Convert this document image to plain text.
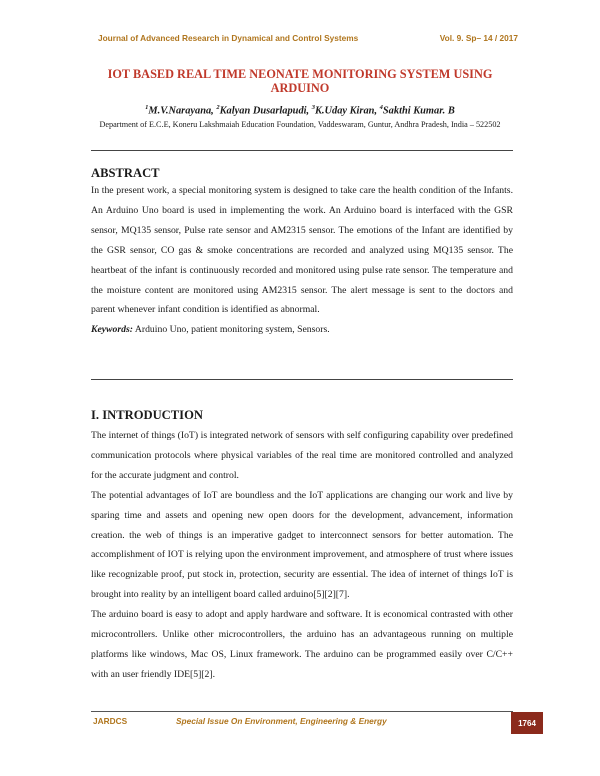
Journal of Advanced Research in Dynamical and Control Systems	Vol. 9. Sp– 14 / 2017
IOT BASED REAL TIME NEONATE MONITORING SYSTEM USING ARDUINO
$^1$M.V.Narayana, $^2$Kalyan Dusarlapudi, $^3$K.Uday Kiran, $^4$Sakthi Kumar. B
Department of E.C.E, Koneru Lakshmaiah Education Foundation, Vaddeswaram, Guntur, Andhra Pradesh, India – 522502
ABSTRACT

In the present work, a special monitoring system is designed to take care the health condition of the Infants. An Arduino Uno board is used in implementing the work. An Arduino board is interfaced with the GSR sensor, MQ135 sensor, Pulse rate sensor and AM2315 sensor. The emotions of the Infant are identified by the GSR sensor, CO gas & smoke concentrations are recorded and analyzed using MQ135 sensor. The heartbeat of the infant is continuously recorded and monitored using pulse rate sensor. The temperature and the moisture content are monitored using AM2315 sensor. The alert message is sent to the doctors and parent whenever infant condition is identified as abnormal.

Keywords: Arduino Uno, patient monitoring system, Sensors.

I. INTRODUCTION

The internet of things (IoT) is integrated network of sensors with self configuring capability over predefined communication protocols where physical variables of the real time are monitored controlled and analyzed for the accurate judgment and control.

The potential advantages of IoT are boundless and the IoT applications are changing our work and live by sparing time and assets and opening new open doors for the development, advancement, information creation. the web of things is an imperative gadget to interconnect sensors for better automation. The accomplishment of IOT is relying upon the environment improvement, and atmosphere of trust where issues like recognizable proof, put stock in, protection, security are essential. The idea of internet of things IoT is brought into reality by an intelligent board called arduino[5][2][7].

The arduino board is easy to adopt and apply hardware and software. It is economical contrasted with other microcontrollers. Unlike other microcontrollers, the arduino has an advantageous running on multiple platforms like windows, Mac OS, Linux framework. The arduino can be programmed easily over C/C++ with an user friendly IDE[5][2].

JARDCS	Special Issue On Environment, Engineering & Energy	1764
